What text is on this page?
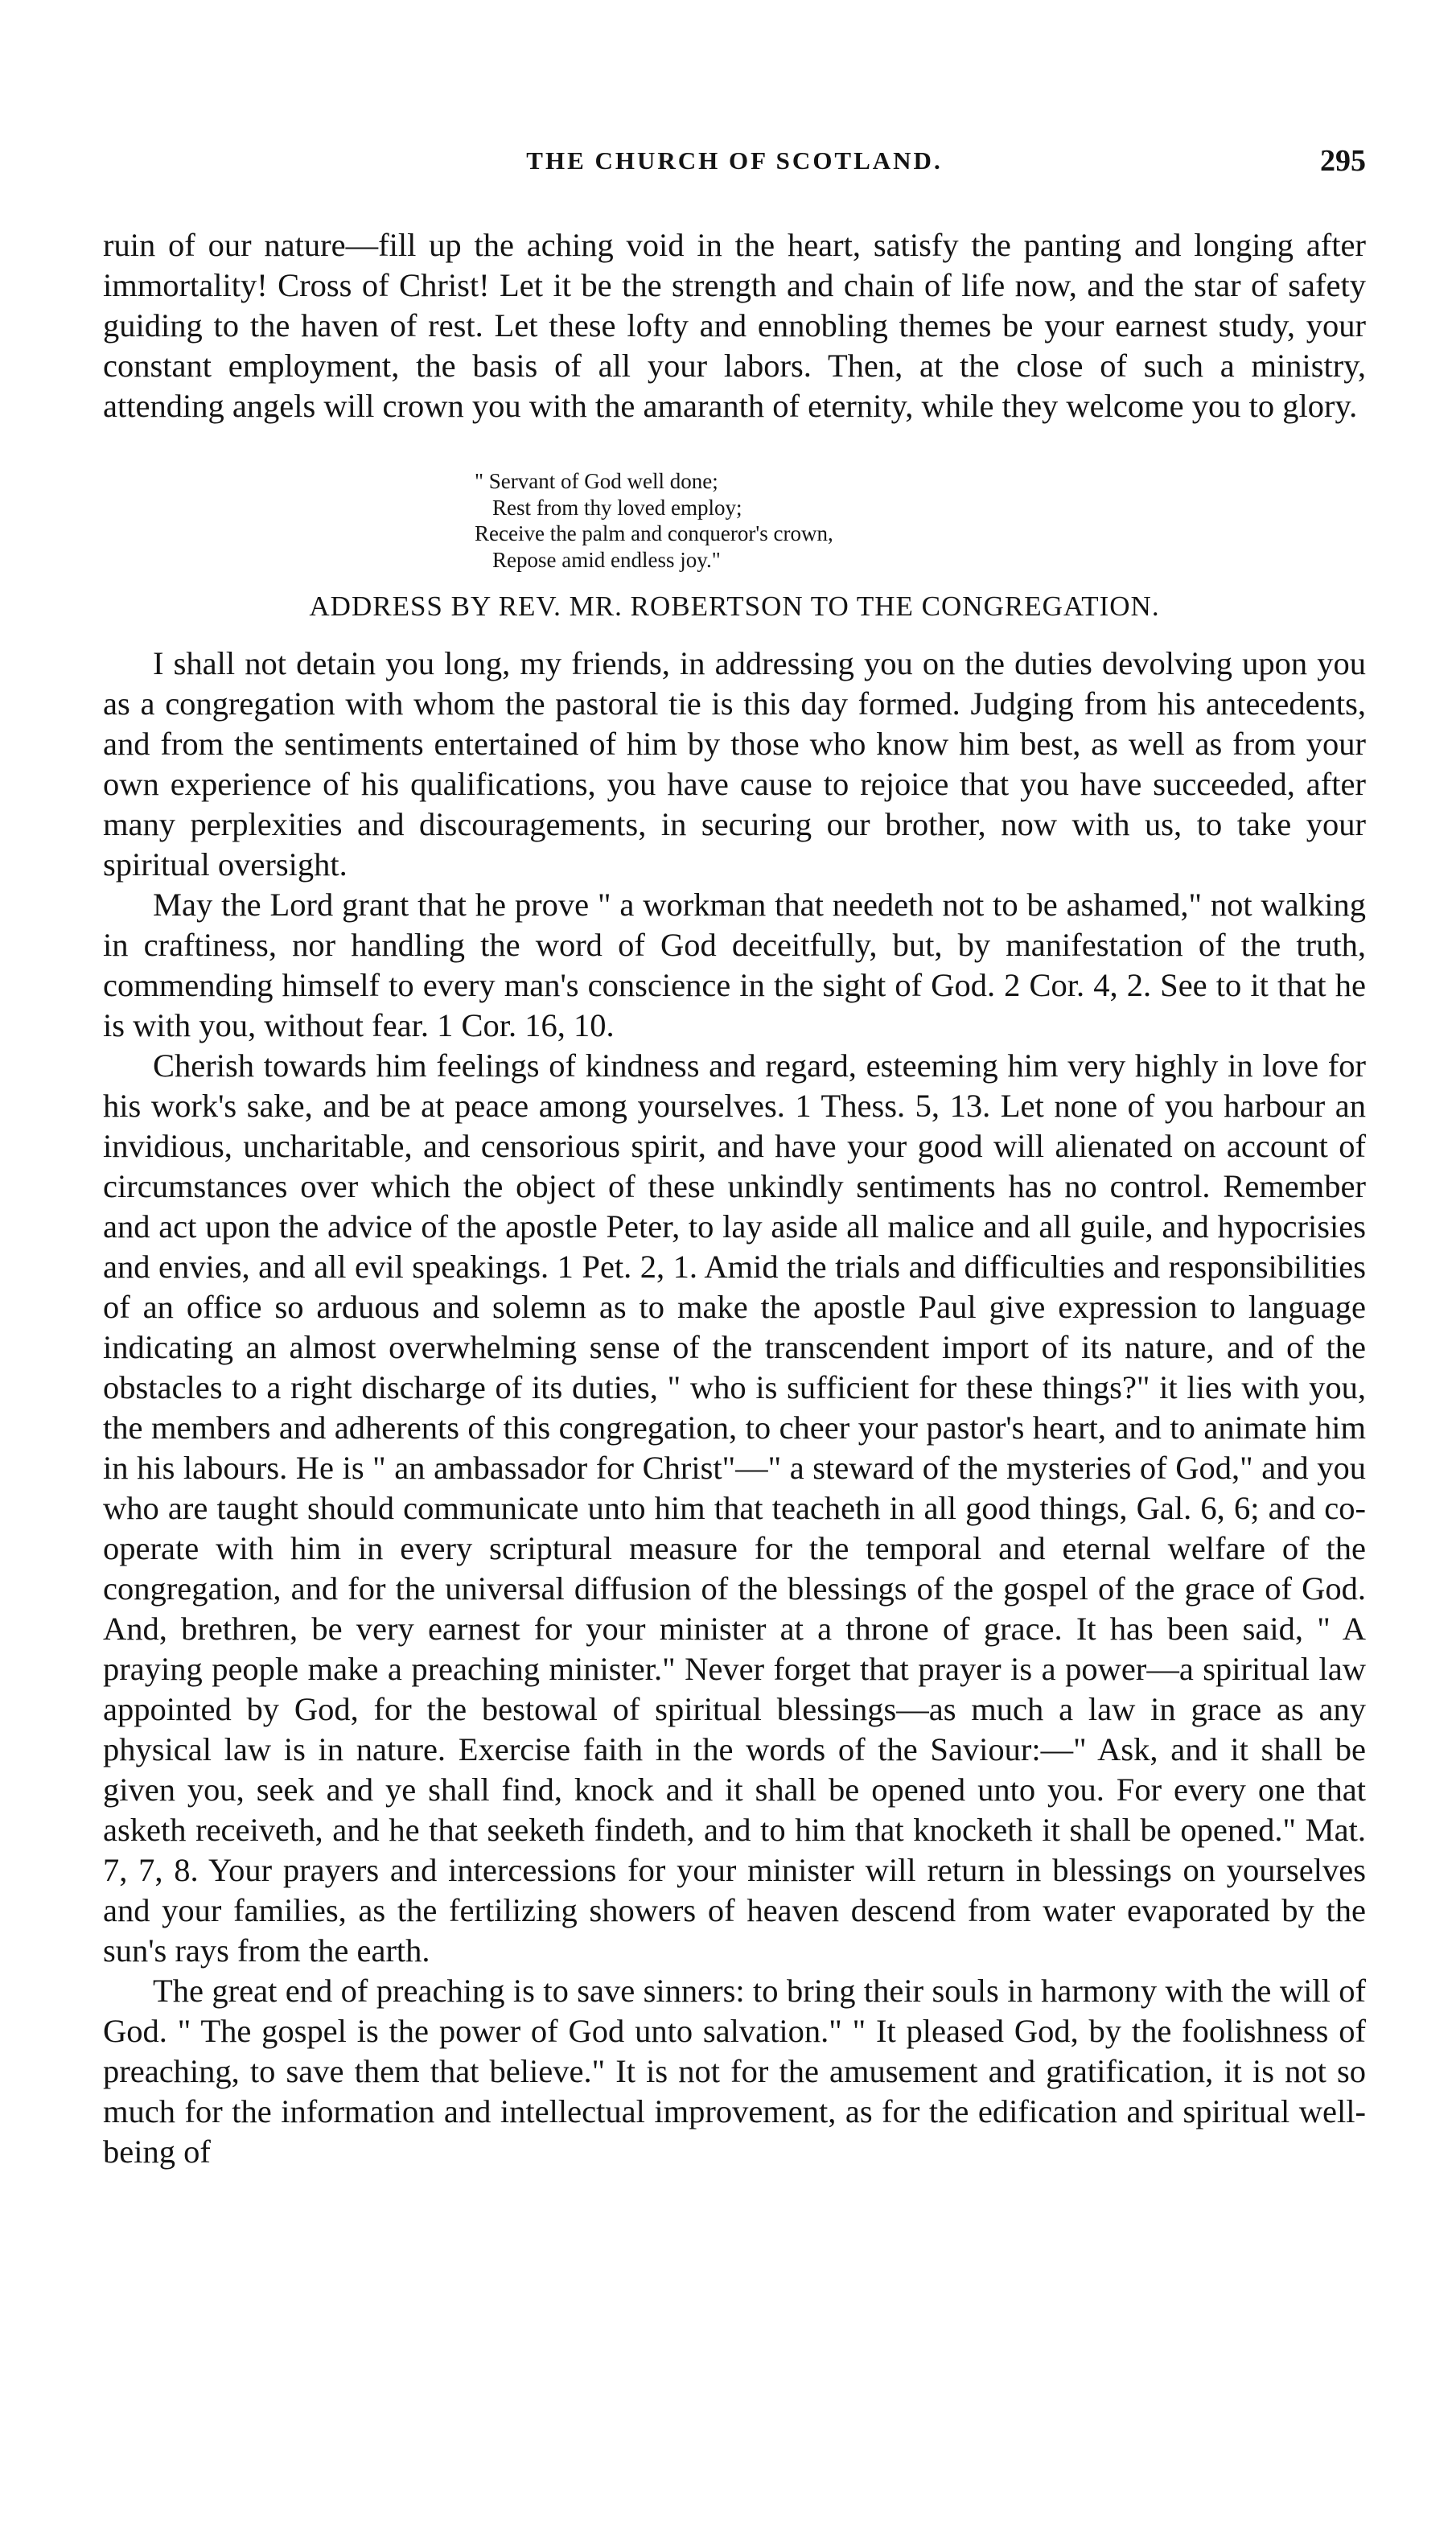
THE CHURCH OF SCOTLAND.	295

ruin of our nature—fill up the aching void in the heart, satisfy the panting and longing after immortality! Cross of Christ! Let it be the strength and chain of life now, and the star of safety guiding to the haven of rest. Let these lofty and ennobling themes be your earnest study, your constant employment, the basis of all your labors. Then, at the close of such a ministry, attending angels will crown you with the amaranth of eternity, while they welcome you to glory.

" Servant of God well done;
Rest from thy loved employ;
Receive the palm and conqueror's crown,
Repose amid endless joy."
ADDRESS BY REV. MR. ROBERTSON TO THE CONGREGATION.

I shall not detain you long, my friends, in addressing you on the duties devolving upon you as a congregation with whom the pastoral tie is this day formed. Judging from his antecedents, and from the sentiments entertained of him by those who know him best, as well as from your own experience of his qualifications, you have cause to rejoice that you have succeeded, after many perplexities and discouragements, in securing our brother, now with us, to take your spiritual oversight.

May the Lord grant that he prove " a workman that needeth not to be ashamed," not walking in craftiness, nor handling the word of God deceitfully, but, by manifestation of the truth, commending himself to every man's conscience in the sight of God. 2 Cor. 4, 2. See to it that he is with you, without fear. 1 Cor. 16, 10.

Cherish towards him feelings of kindness and regard, esteeming him very highly in love for his work's sake, and be at peace among yourselves. 1 Thess. 5, 13. Let none of you harbour an invidious, uncharitable, and censorious spirit, and have your good will alienated on account of circumstances over which the object of these unkindly sentiments has no control. Remember and act upon the advice of the apostle Peter, to lay aside all malice and all guile, and hypocrisies and envies, and all evil speakings. 1 Pet. 2, 1. Amid the trials and difficulties and responsibilities of an office so arduous and solemn as to make the apostle Paul give expression to language indicating an almost overwhelming sense of the transcendent import of its nature, and of the obstacles to a right discharge of its duties, " who is sufficient for these things?" it lies with you, the members and adherents of this congregation, to cheer your pastor's heart, and to animate him in his labours. He is " an ambassador for Christ"—" a steward of the mysteries of God," and you who are taught should communicate unto him that teacheth in all good things, Gal. 6, 6; and co-operate with him in every scriptural measure for the temporal and eternal welfare of the congregation, and for the universal diffusion of the blessings of the gospel of the grace of God. And, brethren, be very earnest for your minister at a throne of grace. It has been said, " A praying people make a preaching minister." Never forget that prayer is a power—a spiritual law appointed by God, for the bestowal of spiritual blessings—as much a law in grace as any physical law is in nature. Exercise faith in the words of the Saviour:—" Ask, and it shall be given you, seek and ye shall find, knock and it shall be opened unto you. For every one that asketh receiveth, and he that seeketh findeth, and to him that knocketh it shall be opened." Mat. 7, 7, 8. Your prayers and intercessions for your minister will return in blessings on yourselves and your families, as the fertilizing showers of heaven descend from water evaporated by the sun's rays from the earth.

The great end of preaching is to save sinners: to bring their souls in harmony with the will of God. " The gospel is the power of God unto salvation." " It pleased God, by the foolishness of preaching, to save them that believe." It is not for the amusement and gratification, it is not so much for the information and intellectual improvement, as for the edification and spiritual well-being of
